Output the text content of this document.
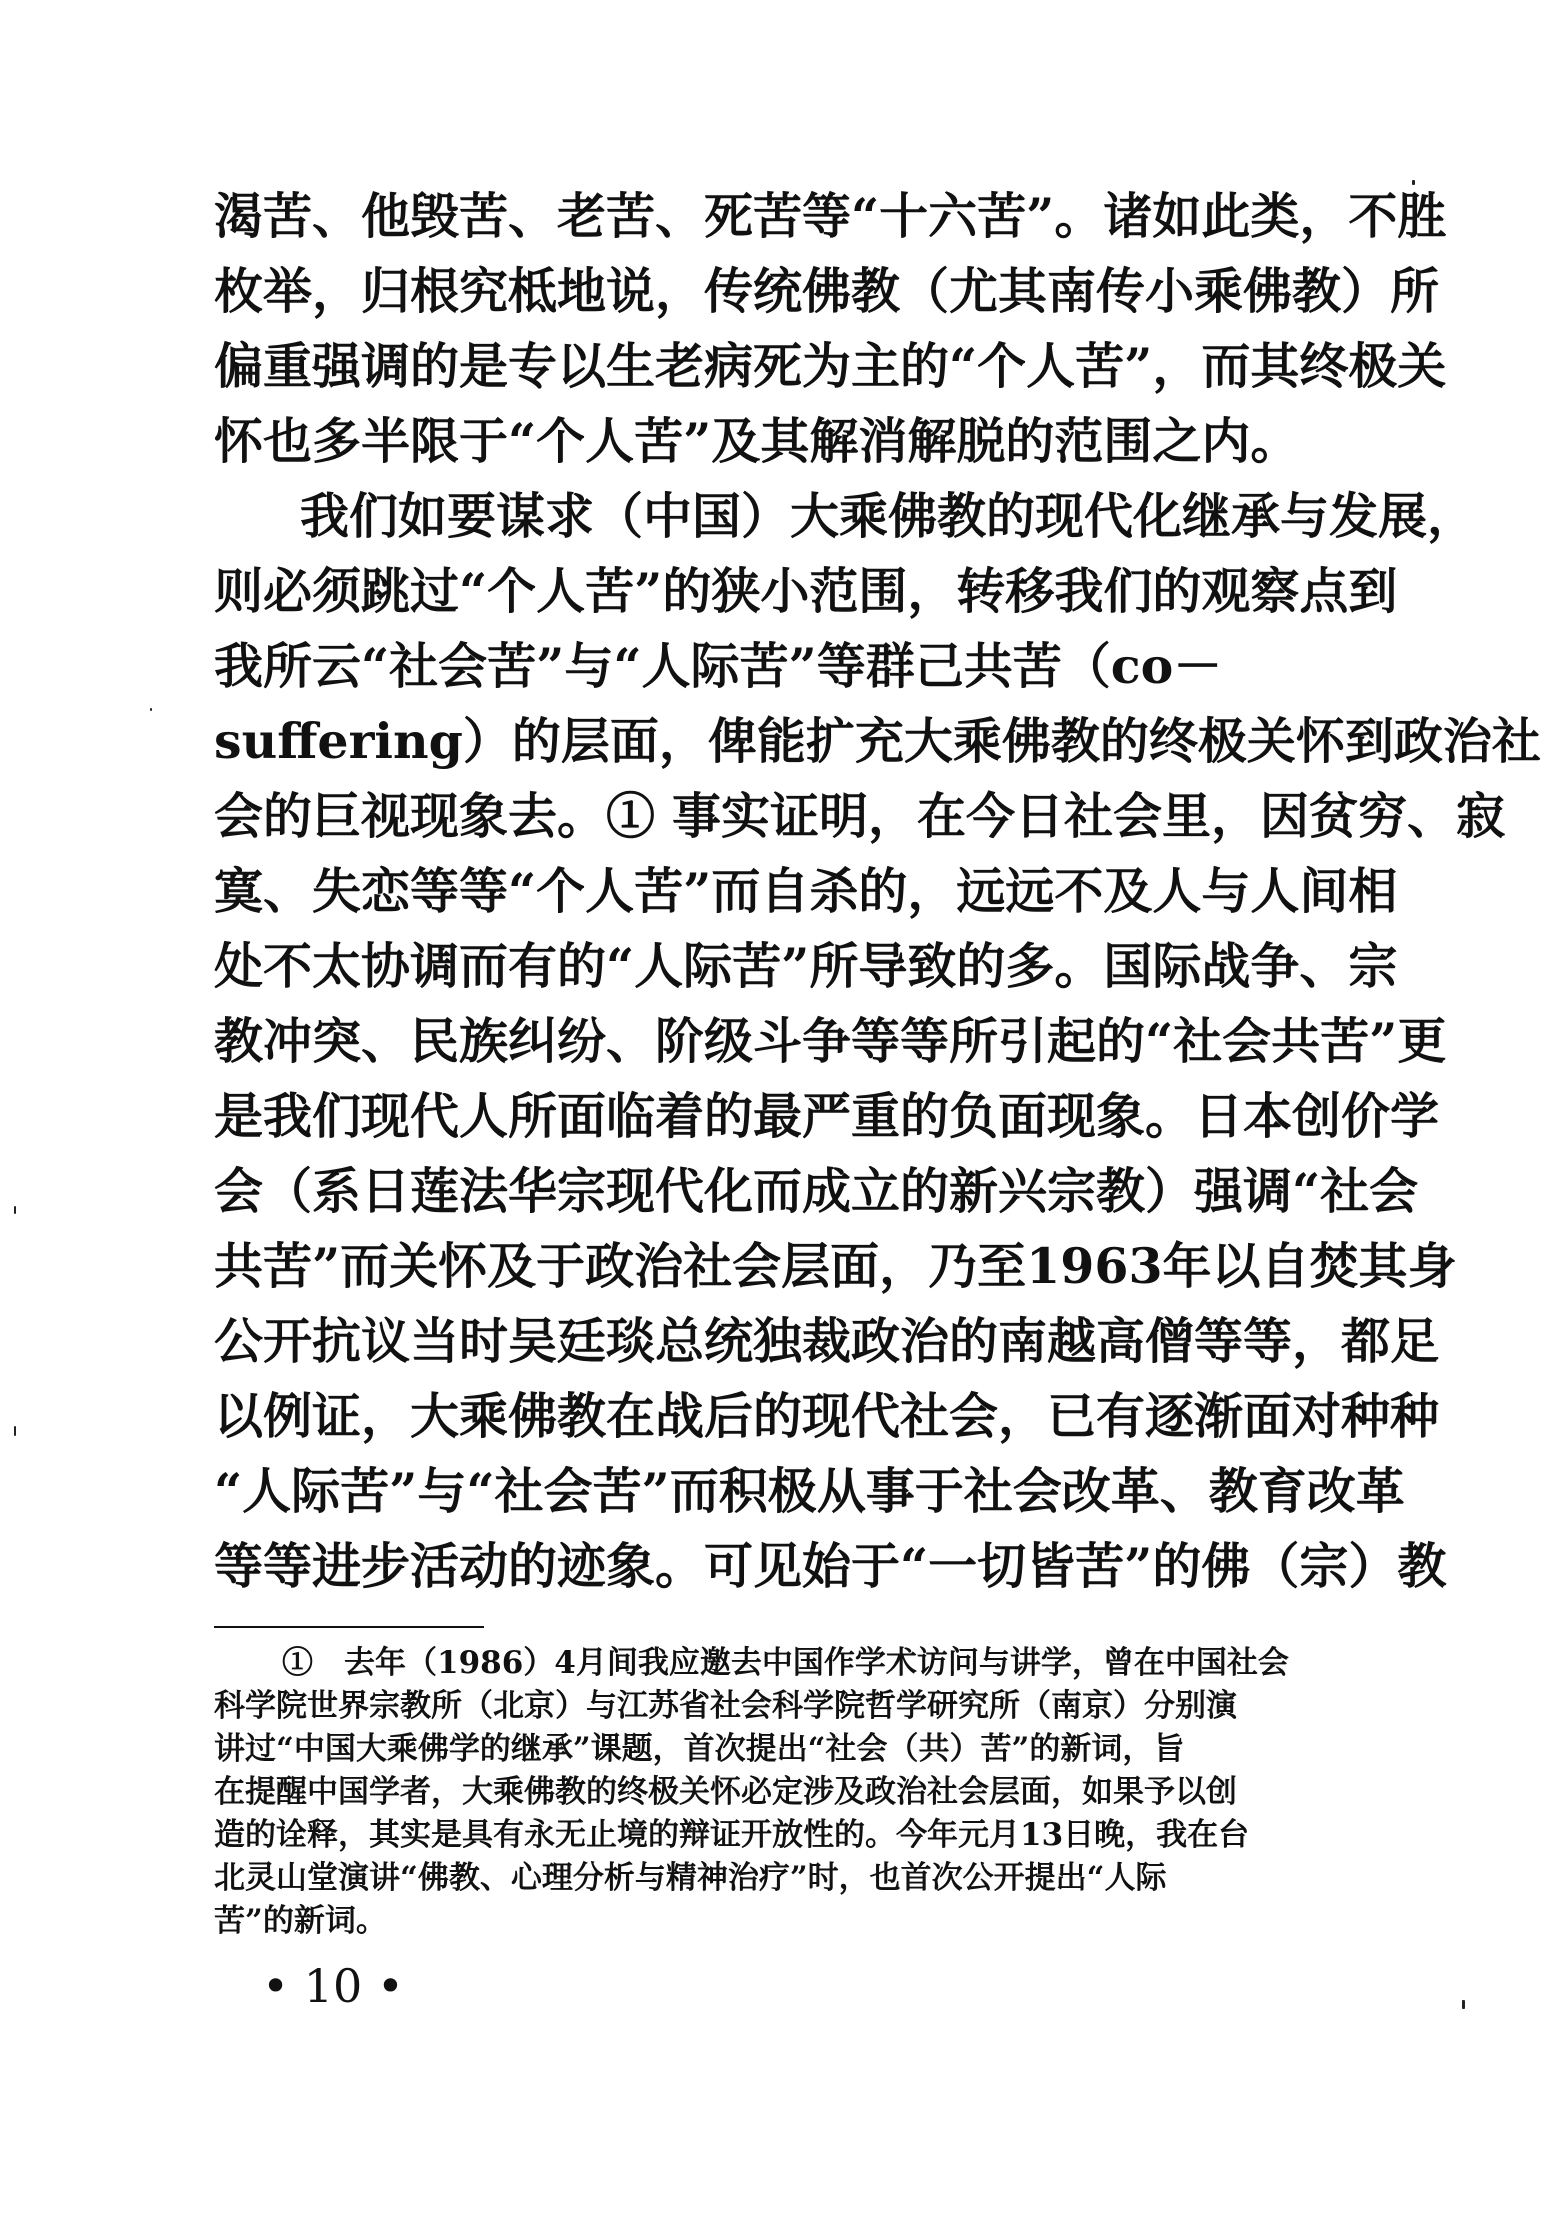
渴苦、他毁苦、老苦、死苦等“十六苦”。诸如此类，不胜
枚举，归根究柢地说，传统佛教（尤其南传小乘佛教）所
偏重强调的是专以生老病死为主的“个人苦”，而其终极关
怀也多半限于“个人苦”及其解消解脱的范围之内。
我们如要谋求（中国）大乘佛教的现代化继承与发展，
则必须跳过“个人苦”的狭小范围，转移我们的观察点到
我所云“社会苦”与“人际苦”等群己共苦（co－
suffering）的层面，俾能扩充大乘佛教的终极关怀到政治社
会的巨视现象去。① 事实证明，在今日社会里，因贫穷、寂
寞、失恋等等“个人苦”而自杀的，远远不及人与人间相
处不太协调而有的“人际苦”所导致的多。国际战争、宗
教冲突、民族纠纷、阶级斗争等等所引起的“社会共苦”更
是我们现代人所面临着的最严重的负面现象。日本创价学
会（系日莲法华宗现代化而成立的新兴宗教）强调“社会
共苦”而关怀及于政治社会层面，乃至1963年以自焚其身
公开抗议当时吴廷琰总统独裁政治的南越高僧等等，都足
以例证，大乘佛教在战后的现代社会，已有逐渐面对种种
“人际苦”与“社会苦”而积极从事于社会改革、教育改革
等等进步活动的迹象。可见始于“一切皆苦”的佛（宗）教
①　去年（1986）4月间我应邀去中国作学术访问与讲学，曾在中国社会
科学院世界宗教所（北京）与江苏省社会科学院哲学研究所（南京）分别演
讲过“中国大乘佛学的继承”课题，首次提出“社会（共）苦”的新词，旨
在提醒中国学者，大乘佛教的终极关怀必定涉及政治社会层面，如果予以创
造的诠释，其实是具有永无止境的辩证开放性的。今年元月13日晚，我在台
北灵山堂演讲“佛教、心理分析与精神治疗”时，也首次公开提出“人际
苦”的新词。
• 10 •
